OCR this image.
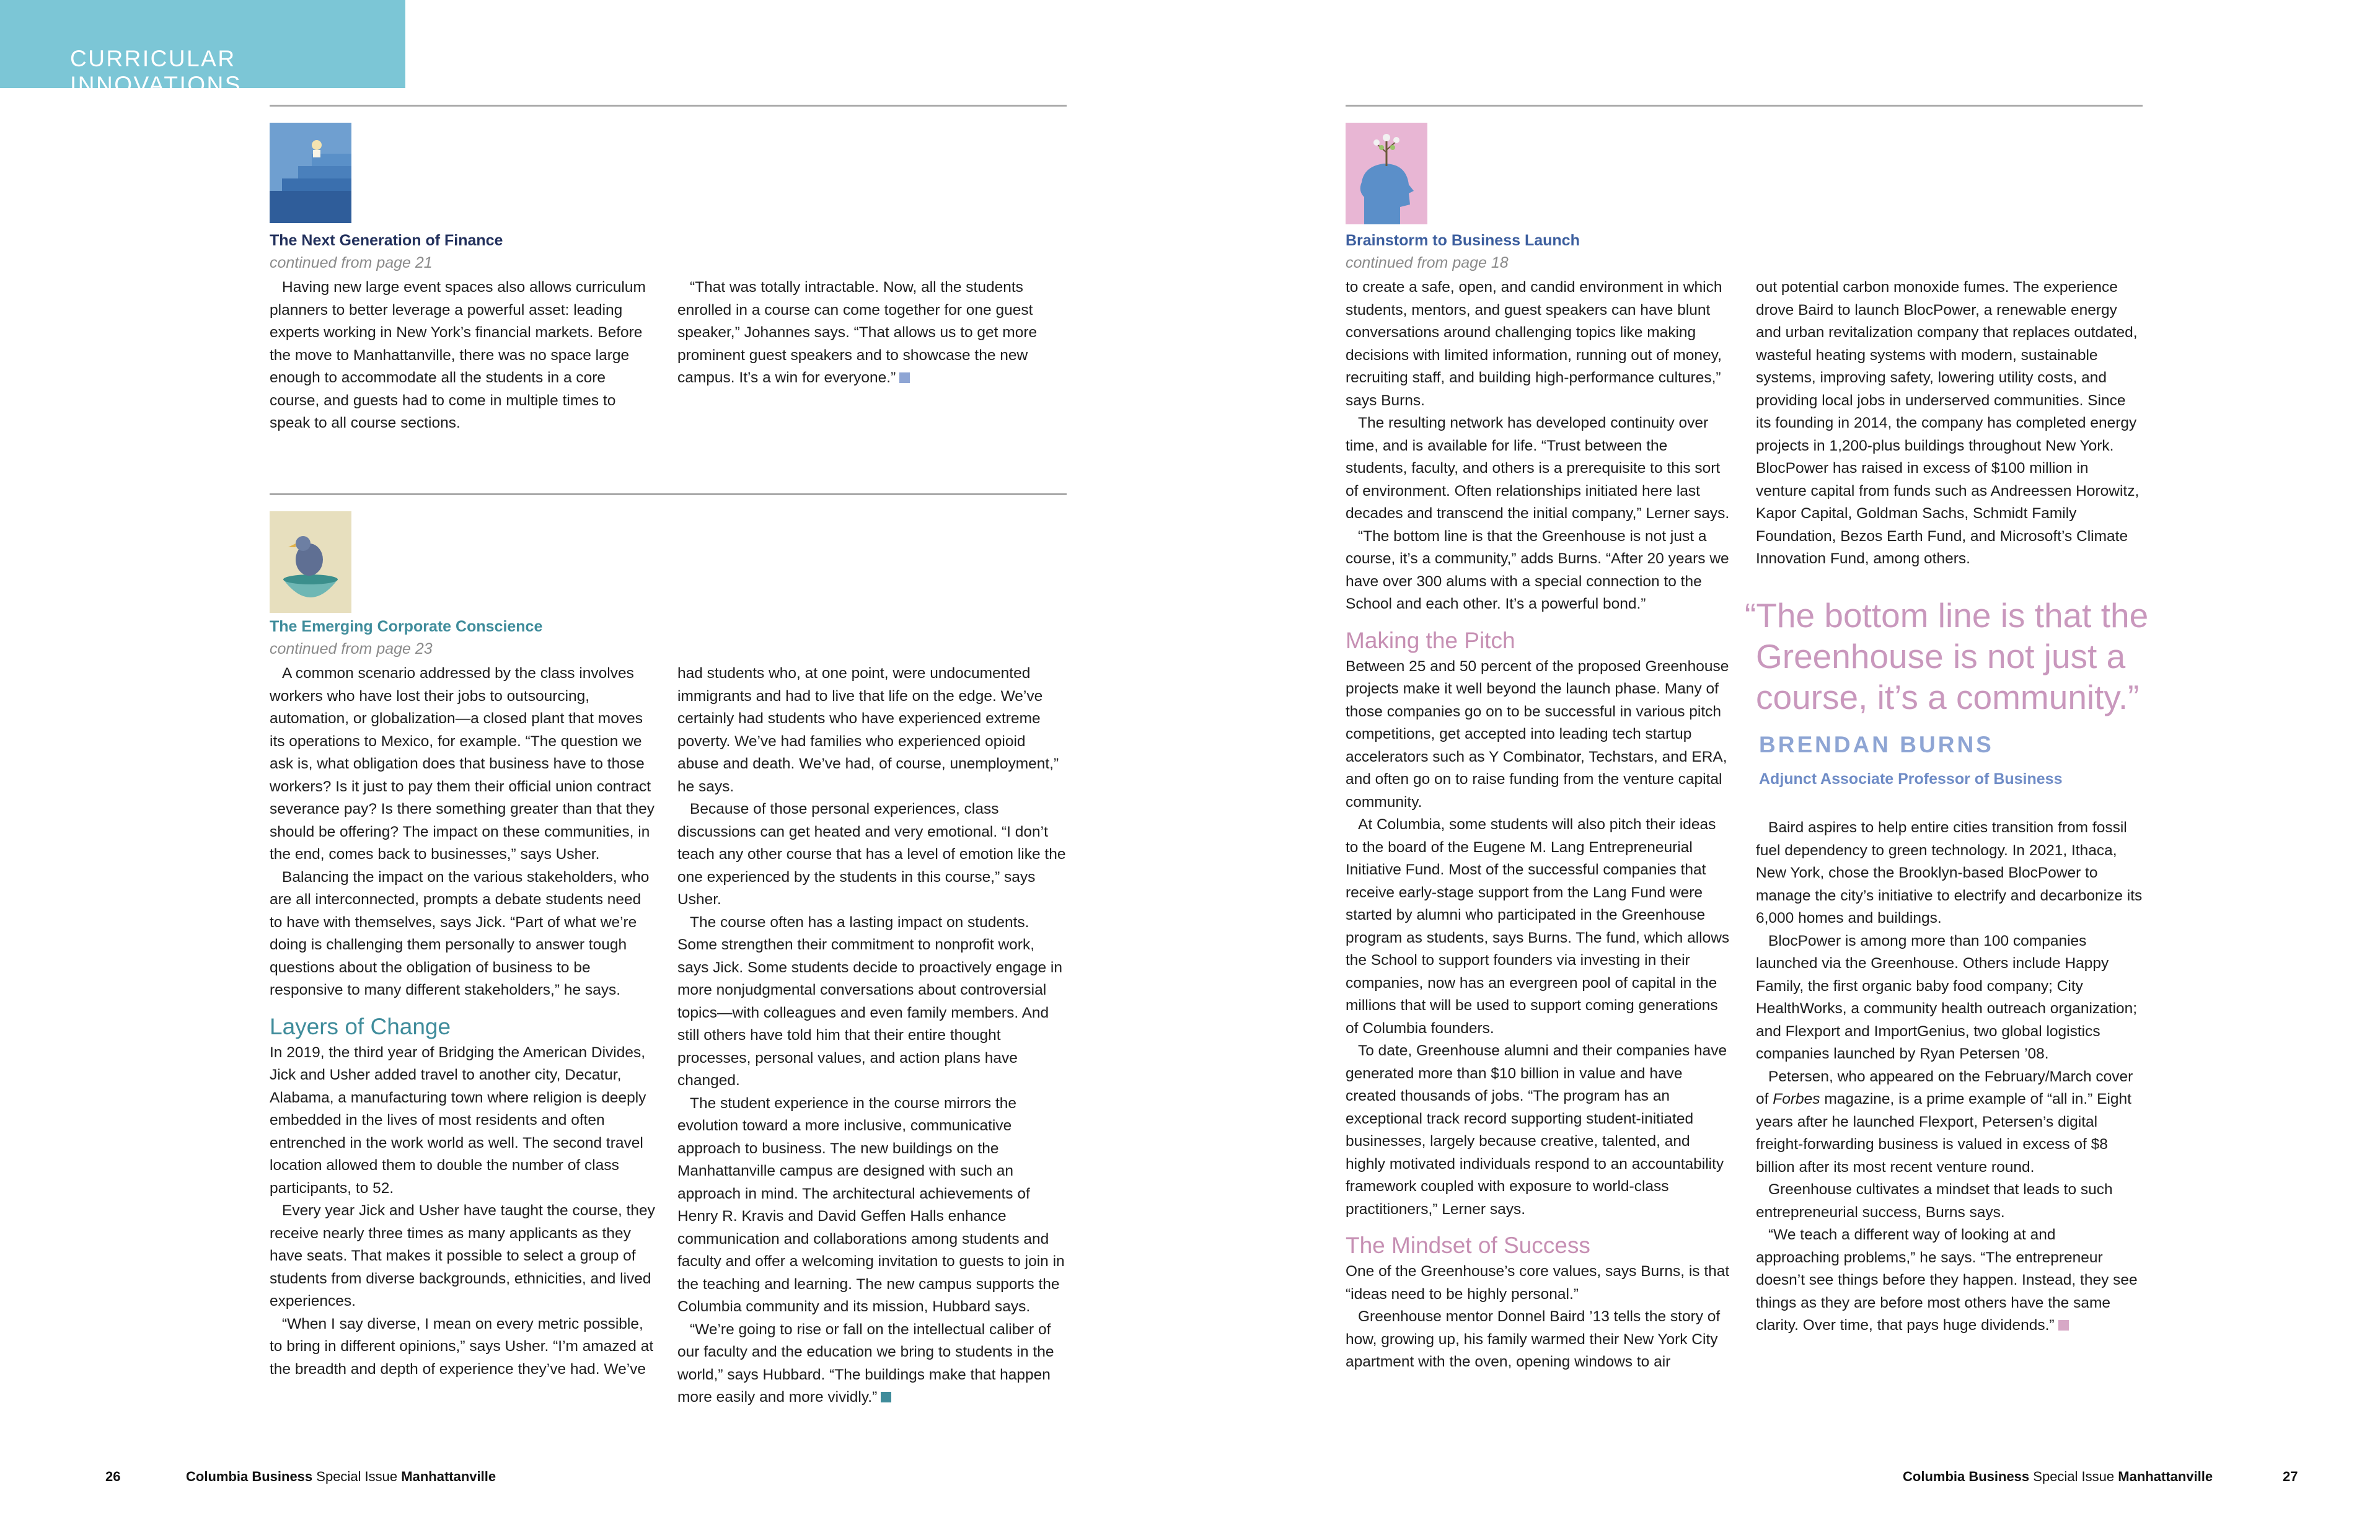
CURRICULAR INNOVATIONS
The Next Generation of Finance
continued from page 21

Having new large event spaces also allows curriculum planners to better leverage a powerful asset: leading experts working in New York’s financial markets. Before the move to Manhattanville, there was no space large enough to accommodate all the students in a core course, and guests had to come in multiple times to speak to all course sections.

“That was totally intractable. Now, all the students enrolled in a course can come together for one guest speaker,” Johannes says. “That allows us to get more prominent guest speakers and to showcase the new campus. It’s a win for everyone.”

The Emerging Corporate Conscience
continued from page 23

A common scenario addressed by the class involves workers who have lost their jobs to outsourcing, automation, or globalization—a closed plant that moves its operations to Mexico, for example. “The question we ask is, what obligation does that business have to those workers? Is it just to pay them their official union contract severance pay? Is there something greater than that they should be offering? The impact on these communities, in the end, comes back to businesses,” says Usher.

Balancing the impact on the various stakeholders, who are all interconnected, prompts a debate students need to have with themselves, says Jick. “Part of what we’re doing is challenging them personally to answer tough questions about the obligation of business to be responsive to many different stakeholders,” he says.

Layers of Change

In 2019, the third year of Bridging the American Divides, Jick and Usher added travel to another city, Decatur, Alabama, a manufacturing town where religion is deeply embedded in the lives of most residents and often entrenched in the work world as well. The second travel location allowed them to double the number of class participants, to 52.

Every year Jick and Usher have taught the course, they receive nearly three times as many applicants as they have seats. That makes it possible to select a group of students from diverse backgrounds, ethnicities, and lived experiences.

“When I say diverse, I mean on every metric possible, to bring in different opinions,” says Usher. “I’m amazed at the breadth and depth of experience they’ve had. We’ve

had students who, at one point, were undocumented immigrants and had to live that life on the edge. We’ve certainly had students who have experienced extreme poverty. We’ve had families who experienced opioid abuse and death. We’ve had, of course, unemployment,” he says.

Because of those personal experiences, class discussions can get heated and very emotional. “I don’t teach any other course that has a level of emotion like the one experienced by the students in this course,” says Usher.

The course often has a lasting impact on students. Some strengthen their commitment to nonprofit work, says Jick. Some students decide to proactively engage in more nonjudgmental conversations about controversial topics—with colleagues and even family members. And still others have told him that their entire thought processes, personal values, and action plans have changed.

The student experience in the course mirrors the evolution toward a more inclusive, communicative approach to business. The new buildings on the Manhattanville campus are designed with such an approach in mind. The architectural achievements of Henry R. Kravis and David Geffen Halls enhance communication and collaborations among students and faculty and offer a welcoming invitation to guests to join in the teaching and learning. The new campus supports the Columbia community and its mission, Hubbard says.

“We’re going to rise or fall on the intellectual caliber of our faculty and the education we bring to students in the world,” says Hubbard. “The buildings make that happen more easily and more vividly.”

Brainstorm to Business Launch
continued from page 18

to create a safe, open, and candid environment in which students, mentors, and guest speakers can have blunt conversations around challenging topics like making decisions with limited information, running out of money, recruiting staff, and building high-performance cultures,” says Burns.

The resulting network has developed continuity over time, and is available for life. “Trust between the students, faculty, and others is a prerequisite to this sort of environment. Often relationships initiated here last decades and transcend the initial company,” Lerner says.

“The bottom line is that the Greenhouse is not just a course, it’s a community,” adds Burns. “After 20 years we have over 300 alums with a special connection to the School and each other. It’s a powerful bond.”

Making the Pitch

Between 25 and 50 percent of the proposed Greenhouse projects make it well beyond the launch phase. Many of those companies go on to be successful in various pitch competitions, get accepted into leading tech startup accelerators such as Y Combinator, Techstars, and ERA, and often go on to raise funding from the venture capital community.

At Columbia, some students will also pitch their ideas to the board of the Eugene M. Lang Entrepreneurial Initiative Fund. Most of the successful companies that receive early-stage support from the Lang Fund were started by alumni who participated in the Greenhouse program as students, says Burns. The fund, which allows the School to support founders via investing in their companies, now has an evergreen pool of capital in the millions that will be used to support coming generations of Columbia founders.

To date, Greenhouse alumni and their companies have generated more than $10 billion in value and have created thousands of jobs. “The program has an exceptional track record supporting student-initiated businesses, largely because creative, talented, and highly motivated individuals respond to an accountability framework coupled with exposure to world-class practitioners,” Lerner says.

The Mindset of Success

One of the Greenhouse’s core values, says Burns, is that “ideas need to be highly personal.”

Greenhouse mentor Donnel Baird ’13 tells the story of how, growing up, his family warmed their New York City apartment with the oven, opening windows to air

out potential carbon monoxide fumes. The experience drove Baird to launch BlocPower, a renewable energy and urban revitalization company that replaces outdated, wasteful heating systems with modern, sustainable systems, improving safety, lowering utility costs, and providing local jobs in underserved communities. Since its founding in 2014, the company has completed energy projects in 1,200-plus buildings throughout New York. BlocPower has raised in excess of $100 million in venture capital from funds such as Andreessen Horowitz, Kapor Capital, Goldman Sachs, Schmidt Family Foundation, Bezos Earth Fund, and Microsoft’s Climate Innovation Fund, among others.

“The bottom line is that the Greenhouse is not just a course, it’s a community.”
BRENDAN BURNS
Adjunct Associate Professor of Business

Baird aspires to help entire cities transition from fossil fuel dependency to green technology. In 2021, Ithaca, New York, chose the Brooklyn-based BlocPower to manage the city’s initiative to electrify and decarbonize its 6,000 homes and buildings.

BlocPower is among more than 100 companies launched via the Greenhouse. Others include Happy Family, the first organic baby food company; City HealthWorks, a community health outreach organization; and Flexport and ImportGenius, two global logistics companies launched by Ryan Petersen ’08.

Petersen, who appeared on the February/March cover of Forbes magazine, is a prime example of “all in.” Eight years after he launched Flexport, Petersen’s digital freight-forwarding business is valued in excess of $8 billion after its most recent venture round.

Greenhouse cultivates a mindset that leads to such entrepreneurial success, Burns says.

“We teach a different way of looking at and approaching problems,” he says. “The entrepreneur doesn’t see things before they happen. Instead, they see things as they are before most others have the same clarity. Over time, that pays huge dividends.”

26	Columbia Business Special Issue Manhattanville	Columbia Business Special Issue Manhattanville	27
